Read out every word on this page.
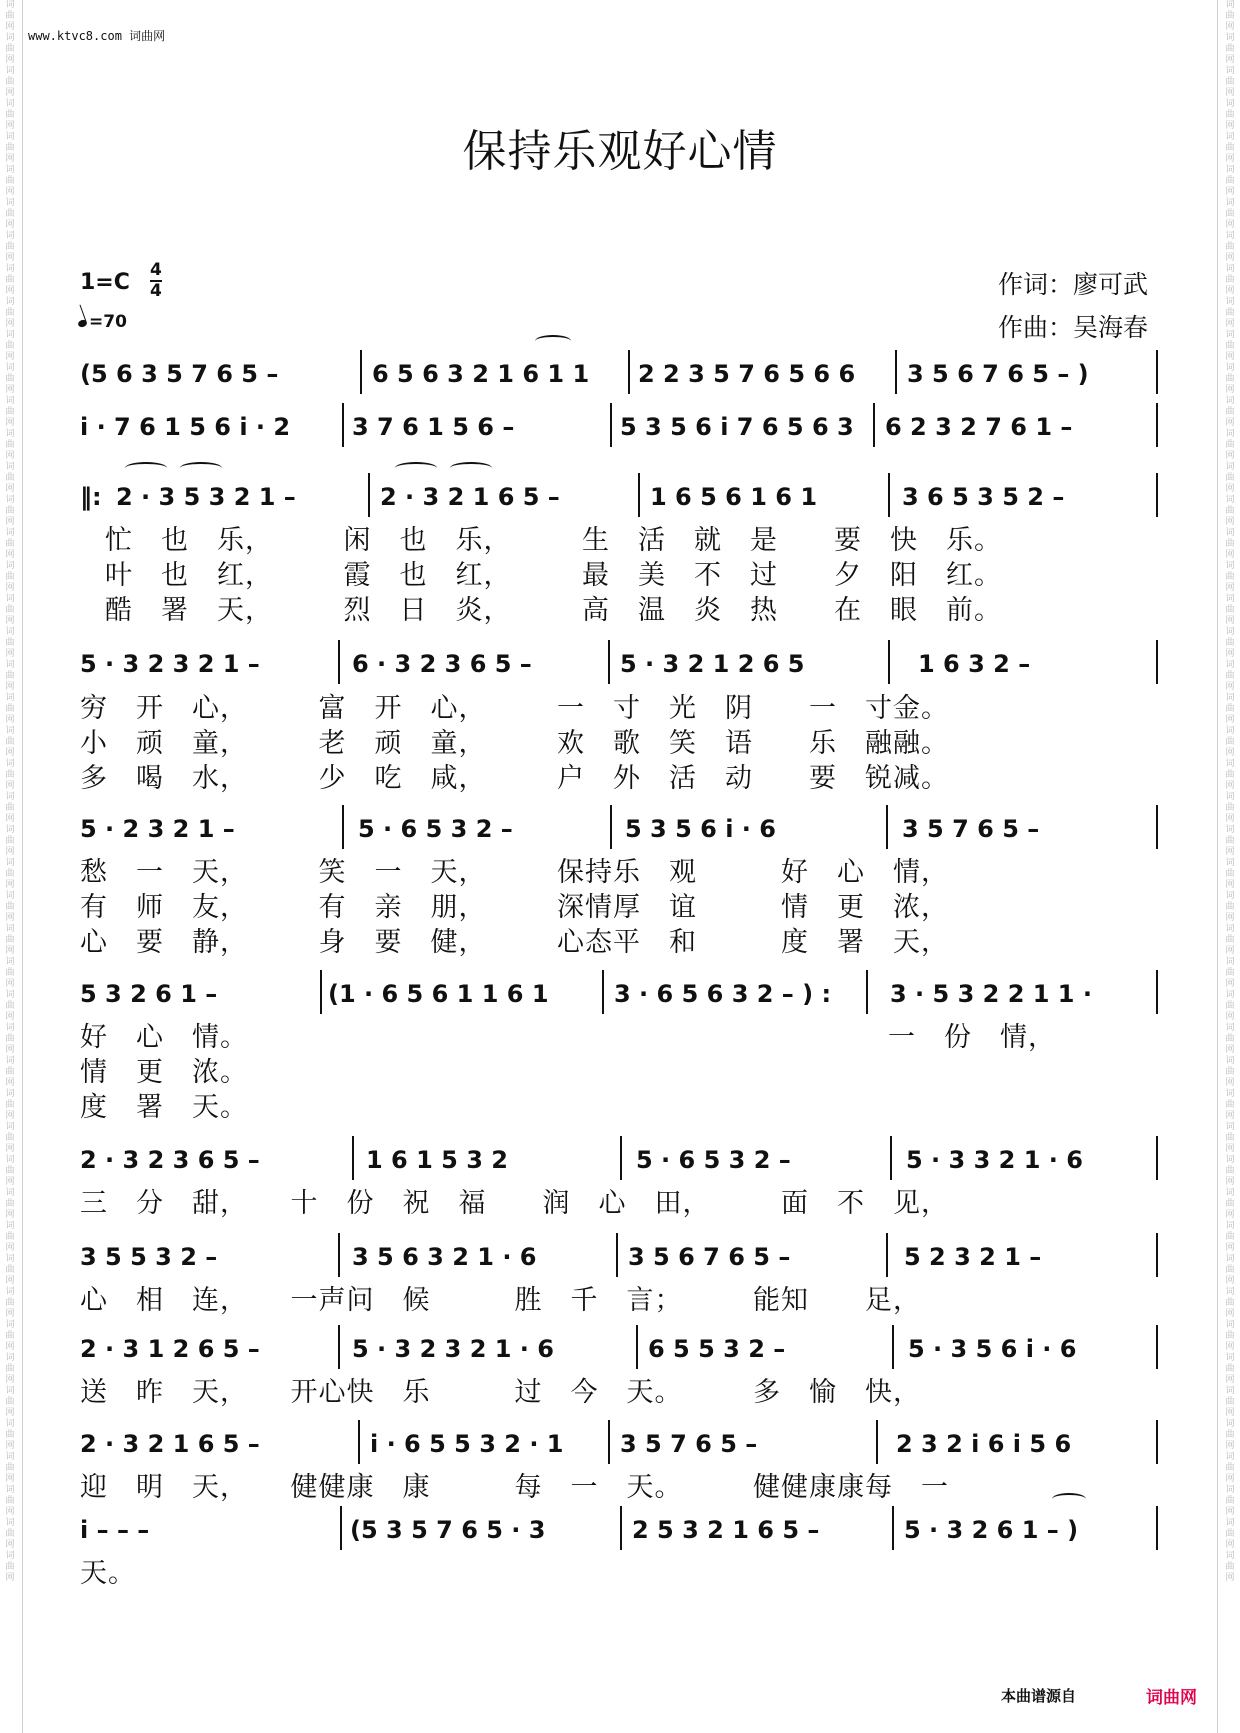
词曲网词曲网词曲网词曲网词曲网词曲网词曲网词曲网词曲网词曲网词曲网词曲网词曲网词曲网词曲网词曲网词曲网词曲网词曲网词曲网词曲网词曲网词曲网词曲网词曲网词曲网词曲网词曲网词曲网词曲网词曲网词曲网词曲网词曲网词曲网词曲网词曲网词曲网词曲网词曲网词曲网词曲网词曲网词曲网词曲网词曲网词曲网词曲网
词曲网词曲网词曲网词曲网词曲网词曲网词曲网词曲网词曲网词曲网词曲网词曲网词曲网词曲网词曲网词曲网词曲网词曲网词曲网词曲网词曲网词曲网词曲网词曲网词曲网词曲网词曲网词曲网词曲网词曲网词曲网词曲网词曲网词曲网词曲网词曲网词曲网词曲网词曲网词曲网词曲网词曲网词曲网词曲网词曲网词曲网词曲网词曲网
www.ktvc8.com 词曲网
保持乐观好心情
1=C 4
4
=70
作词：廖可武
作曲：吴海春
(5 6 3 5 7 6 5 –	6 5 6 3 2 1 6 1 1 2 2 3 5 7 6 5 6 6 3 5 6 7 6 5 – )
i · 7 6 1 5 6 i · 2	3 7 6 1 5 6 –	5 3 5 6 i 7 6 5 6 3 6 2 3 2 7 6 1 –
‖: 2 · 3 5 3 2 1 –	2 · 3 2 1 6 5 –	1 6 5 6 1 6 1	3 6 5 3 5 2 –
忙　也　乐，　　　闲　也　乐，　　　生　活　就　是　　要　快　乐。
叶　也　红，　　　霞　也　红，　　　最　美　不　过　　夕　阳　红。
酷　署　天，　　　烈　日　炎，　　　高　温　炎　热　　在　眼　前。
5 · 3 2 3 2 1 –	6 · 3 2 3 6 5 –	5 · 3 2 1 2 6 5	1 6 3 2 –
穷　开　心，　　　富　开　心，　　　一　寸　光　阴　　一　寸金。
小　顽　童，　　　老　顽　童，　　　欢　歌　笑　语　　乐　融融。
多　喝　水，　　　少　吃　咸，　　　户　外　活　动　　要　锐减。
5 · 2 3 2 1 –	5 · 6 5 3 2 –	5 3 5 6 i · 6	3 5 7 6 5 –
愁　一　天，　　　笑　一　天，　　　保持乐　观　　　好　心　情，
有　师　友，　　　有　亲　朋，　　　深情厚　谊　　　情　更　浓，
心　要　静，　　　身　要　健，　　　心态平　和　　　度　署　天，
5 3 2 6 1 –	(1 · 6 5 6 1 1 6 1	3 · 6 5 6 3 2 – ) : 3 · 5 3 2 2 1 1 ·
好　心　情。
情　更　浓。
度　署　天。
一　份　情，
2 · 3 2 3 6 5 –	1 6 1 5 3 2	5 · 6 5 3 2 –	5 · 3 3 2 1 · 6
三　分　甜，　　十　份　祝　福　　润　心　田，　　　面　不　见，
3 5 5 3 2 –	3 5 6 3 2 1 · 6	3 5 6 7 6 5 –	5 2 3 2 1 –
心　相　连，　　一声问　候　　　胜　千　言；　　　能知　　足，
2 · 3 1 2 6 5 –	5 · 3 2 3 2 1 · 6	6 5 5 3 2 –	5 · 3 5 6 i · 6
送　昨　天，　　开心快　乐　　　过　今　天。　　　多　愉　快，
2 · 3 2 1 6 5 –	i · 6 5 5 3 2 · 1 3 5 7 6 5 –	2 3 2 i 6 i 5 6
迎　明　天，　　健健康　康　　　每　一　天。　　　健健康康每　一
i – – –	(5 3 5 7 6 5 · 3	2 5 3 2 1 6 5 –	5 · 3 2 6 1 – )
天。
本曲谱源自	词曲网
